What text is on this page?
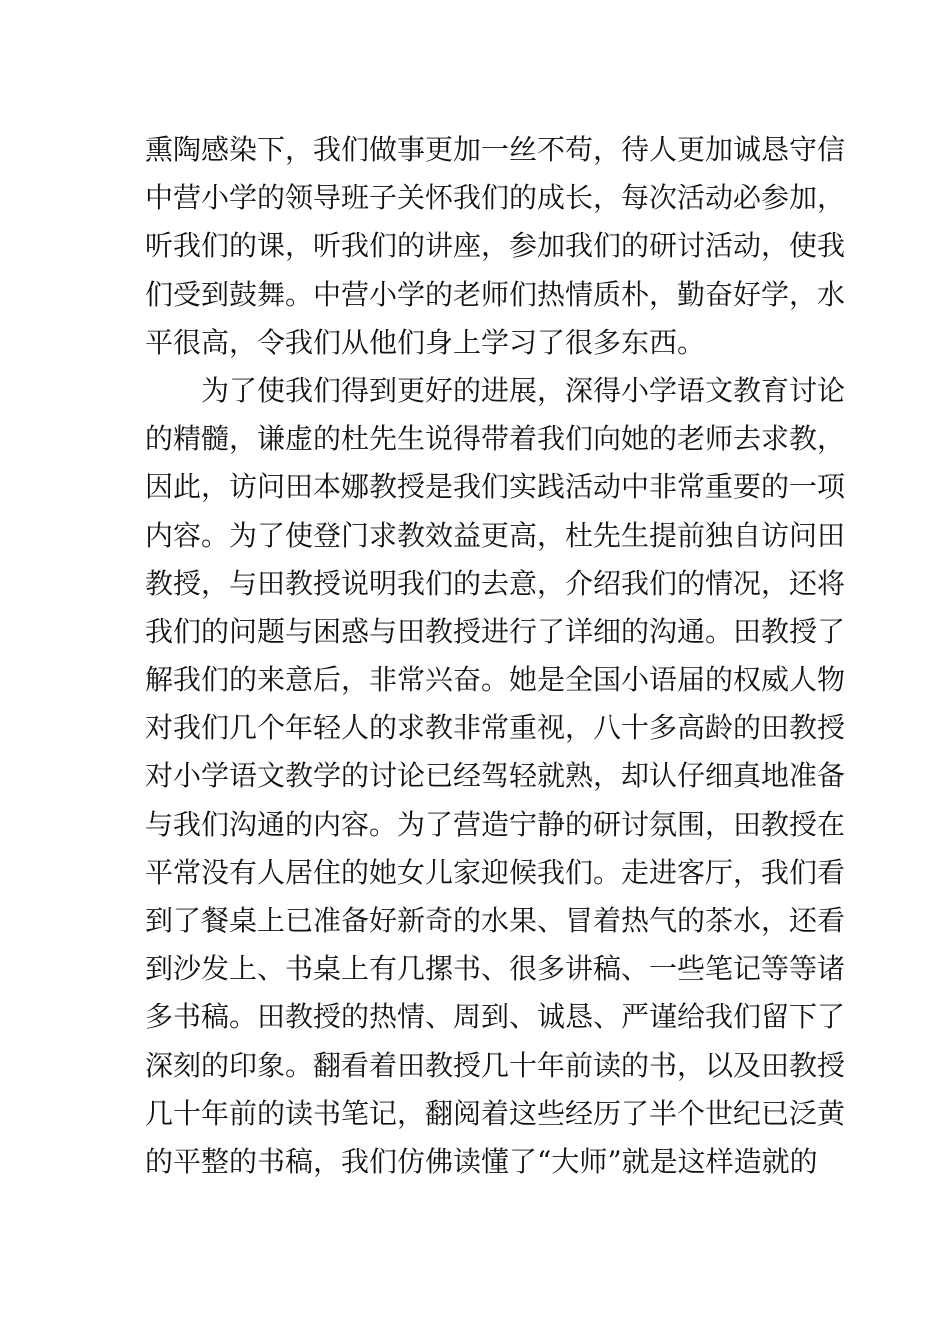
熏陶感染下，我们做事更加一丝不苟，待人更加诚恳守信
中营小学的领导班子关怀我们的成长，每次活动必参加，
听我们的课，听我们的讲座，参加我们的研讨活动，使我
们受到鼓舞。中营小学的老师们热情质朴，勤奋好学，水
平很高，令我们从他们身上学习了很多东西。
为了使我们得到更好的进展，深得小学语文教育讨论
的精髓，谦虚的杜先生说得带着我们向她的老师去求教，
因此，访问田本娜教授是我们实践活动中非常重要的一项
内容。为了使登门求教效益更高，杜先生提前独自访问田
教授，与田教授说明我们的去意，介绍我们的情况，还将
我们的问题与困惑与田教授进行了详细的沟通。田教授了
解我们的来意后，非常兴奋。她是全国小语届的权威人物
对我们几个年轻人的求教非常重视，八十多高龄的田教授
对小学语文教学的讨论已经驾轻就熟，却认仔细真地准备
与我们沟通的内容。为了营造宁静的研讨氛围，田教授在
平常没有人居住的她女儿家迎候我们。走进客厅，我们看
到了餐桌上已准备好新奇的水果、冒着热气的茶水，还看
到沙发上、书桌上有几摞书、很多讲稿、一些笔记等等诸
多书稿。田教授的热情、周到、诚恳、严谨给我们留下了
深刻的印象。翻看着田教授几十年前读的书，以及田教授
几十年前的读书笔记，翻阅着这些经历了半个世纪已泛黄
的平整的书稿，我们仿佛读懂了“大师”就是这样造就的
